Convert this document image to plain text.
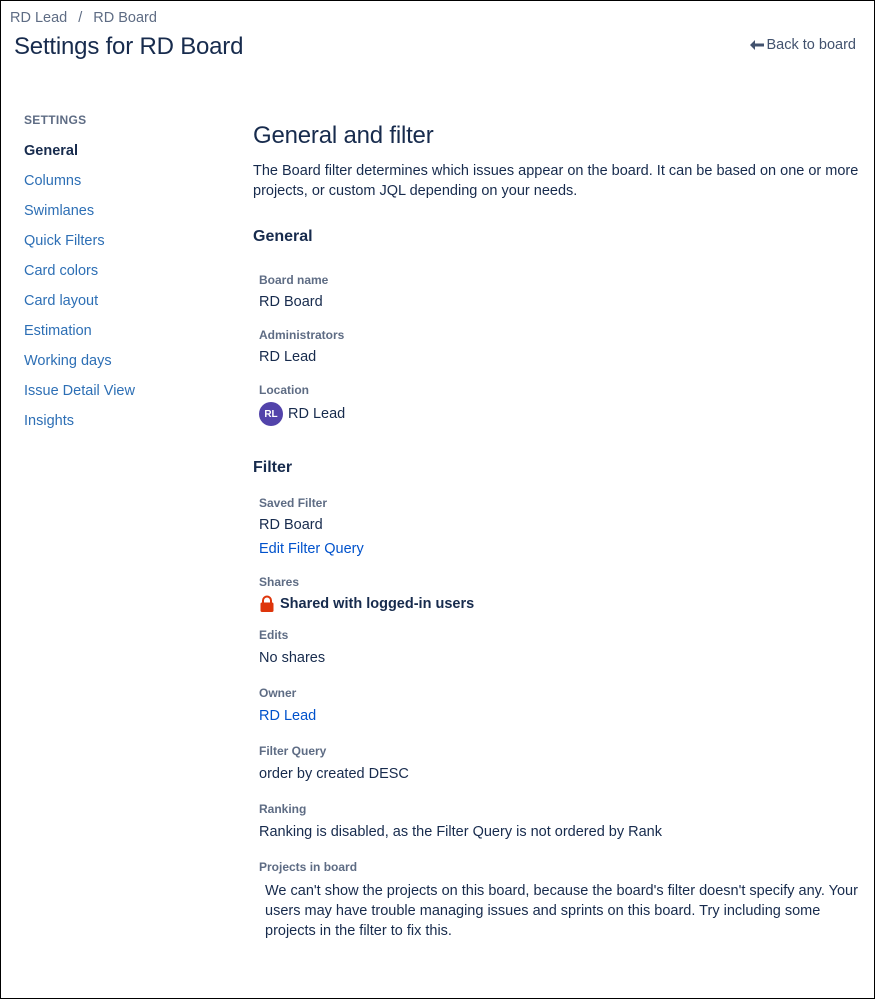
RD Lead / RD Board
Settings for RD Board	Back to board
SETTINGS
General
Columns
Swimlanes
Quick Filters
Card colors
Card layout
Estimation
Working days
Issue Detail View
Insights
General and filter

The Board filter determines which issues appear on the board. It can be based on one or more projects, or custom JQL depending on your needs.

General
Board name
RD Board
Administrators
RD Lead
Location
RL RD Lead
Filter
Saved Filter
RD Board
Edit Filter Query
Shares
Shared with logged-in users
Edits
No shares
Owner
RD Lead
Filter Query
order by created DESC
Ranking
Ranking is disabled, as the Filter Query is not ordered by Rank
Projects in board

We can't show the projects on this board, because the board's filter doesn't specify any. Your users may have trouble managing issues and sprints on this board. Try including some projects in the filter to fix this.
